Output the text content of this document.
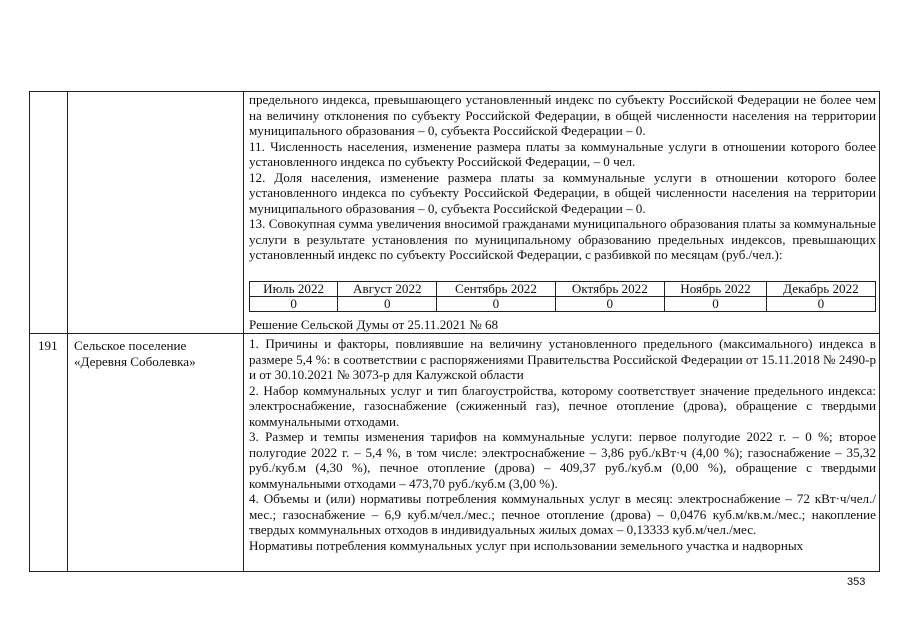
предельного индекса, превышающего установленный индекс по субъекту Российской Федерации не более чем на величину отклонения по субъекту Российской Федерации, в общей численности населения на территории муниципального образования – 0, субъекта Российской Федерации – 0.

11. Численность населения, изменение размера платы за коммунальные услуги в отношении которого более установленного индекса по субъекту Российской Федерации, – 0 чел.

12. Доля населения, изменение размера платы за коммунальные услуги в отношении которого более установленного индекса по субъекту Российской Федерации, в общей численности населения на территории муниципального образования – 0, субъекта Российской Федерации – 0.

13. Совокупная сумма увеличения вносимой гражданами муниципального образования платы за коммунальные услуги в результате установления по муниципальному образованию предельных индексов, превышающих установленный индекс по субъекту Российской Федерации, с разбивкой по месяцам (руб./чел.):

Июль 2022	Август 2022	Сентябрь 2022	Октябрь 2022	Ноябрь 2022	Декабрь 2022
0	0	0	0	0	0
Решение Сельской Думы от 25.11.2021 № 68
191 Сельское поселение
«Деревня Соболевка»

1. Причины и факторы, повлиявшие на величину установленного предельного (максимального) индекса в размере 5,4 %: в соответствии с распоряжениями Правительства Российской Федерации от 15.11.2018 № 2490-р и от 30.10.2021 № 3073-р для Калужской области

2. Набор коммунальных услуг и тип благоустройства, которому соответствует значение предельного индекса: электроснабжение, газоснабжение (сжиженный газ), печное отопление (дрова), обращение с твердыми коммунальными отходами.

3. Размер и темпы изменения тарифов на коммунальные услуги: первое полугодие 2022 г. – 0 %; второе полугодие 2022 г. – 5,4 %, в том числе: электроснабжение – 3,86 руб./кВт·ч (4,00 %); газоснабжение – 35,32 руб./куб.м (4,30 %), печное отопление (дрова) – 409,37 руб./куб.м (0,00 %), обращение с твердыми коммунальными отходами – 473,70 руб./куб.м (3,00 %).

4. Объемы и (или) нормативы потребления коммунальных услуг в месяц: электроснабжение – 72 кВт·ч/чел./мес.; газоснабжение – 6,9 куб.м/чел./мес.; печное отопление (дрова) – 0,0476 куб.м/кв.м./мес.; накопление твердых коммунальных отходов в индивидуальных жилых домах – 0,13333 куб.м/чел./мес.

Нормативы потребления коммунальных услуг при использовании земельного участка и надворных

353
